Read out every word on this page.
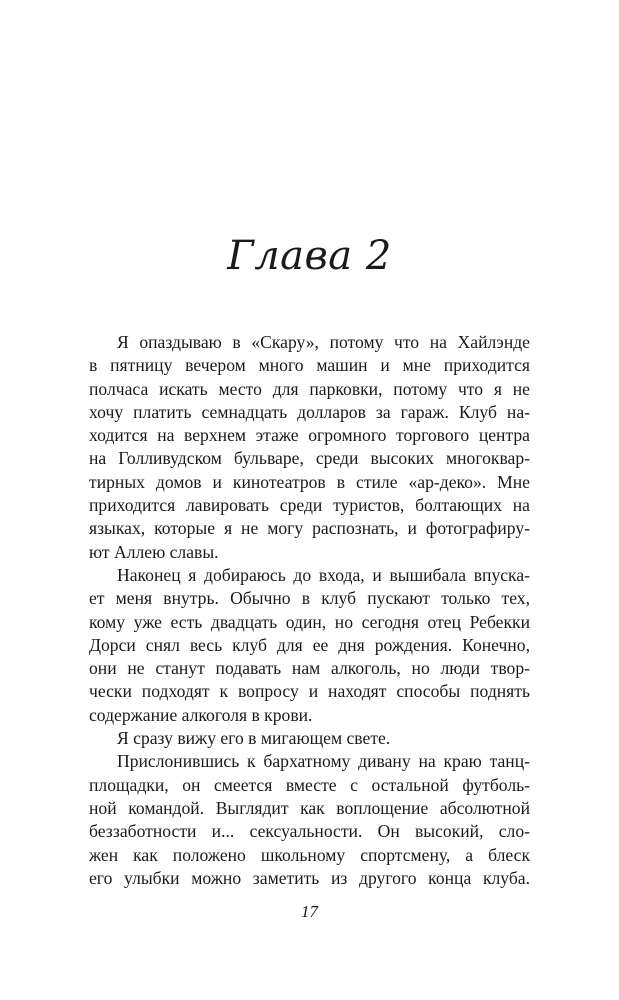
Глава 2
Я опаздываю в «Скару», потому что на Хайлэнде
в пятницу вечером много машин и мне приходится
полчаса искать место для парковки, потому что я не
хочу платить семнадцать долларов за гараж. Клуб на-
ходится на верхнем этаже огромного торгового центра
на Голливудском бульваре, среди высоких многоквар-
тирных домов и кинотеатров в стиле «ар-деко». Мне
приходится лавировать среди туристов, болтающих на
языках, которые я не могу распознать, и фотографиру-
ют Аллею славы.
Наконец я добираюсь до входа, и вышибала впуска-
ет меня внутрь. Обычно в клуб пускают только тех,
кому уже есть двадцать один, но сегодня отец Ребекки
Дорси снял весь клуб для ее дня рождения. Конечно,
они не станут подавать нам алкоголь, но люди твор-
чески подходят к вопросу и находят способы поднять
содержание алкоголя в крови.
Я сразу вижу его в мигающем свете.
Прислонившись к бархатному дивану на краю танц-
площадки, он смеется вместе с остальной футболь-
ной командой. Выглядит как воплощение абсолютной
беззаботности и... сексуальности. Он высокий, сло-
жен как положено школьному спортсмену, а блеск
его улыбки можно заметить из другого конца клуба.
17
